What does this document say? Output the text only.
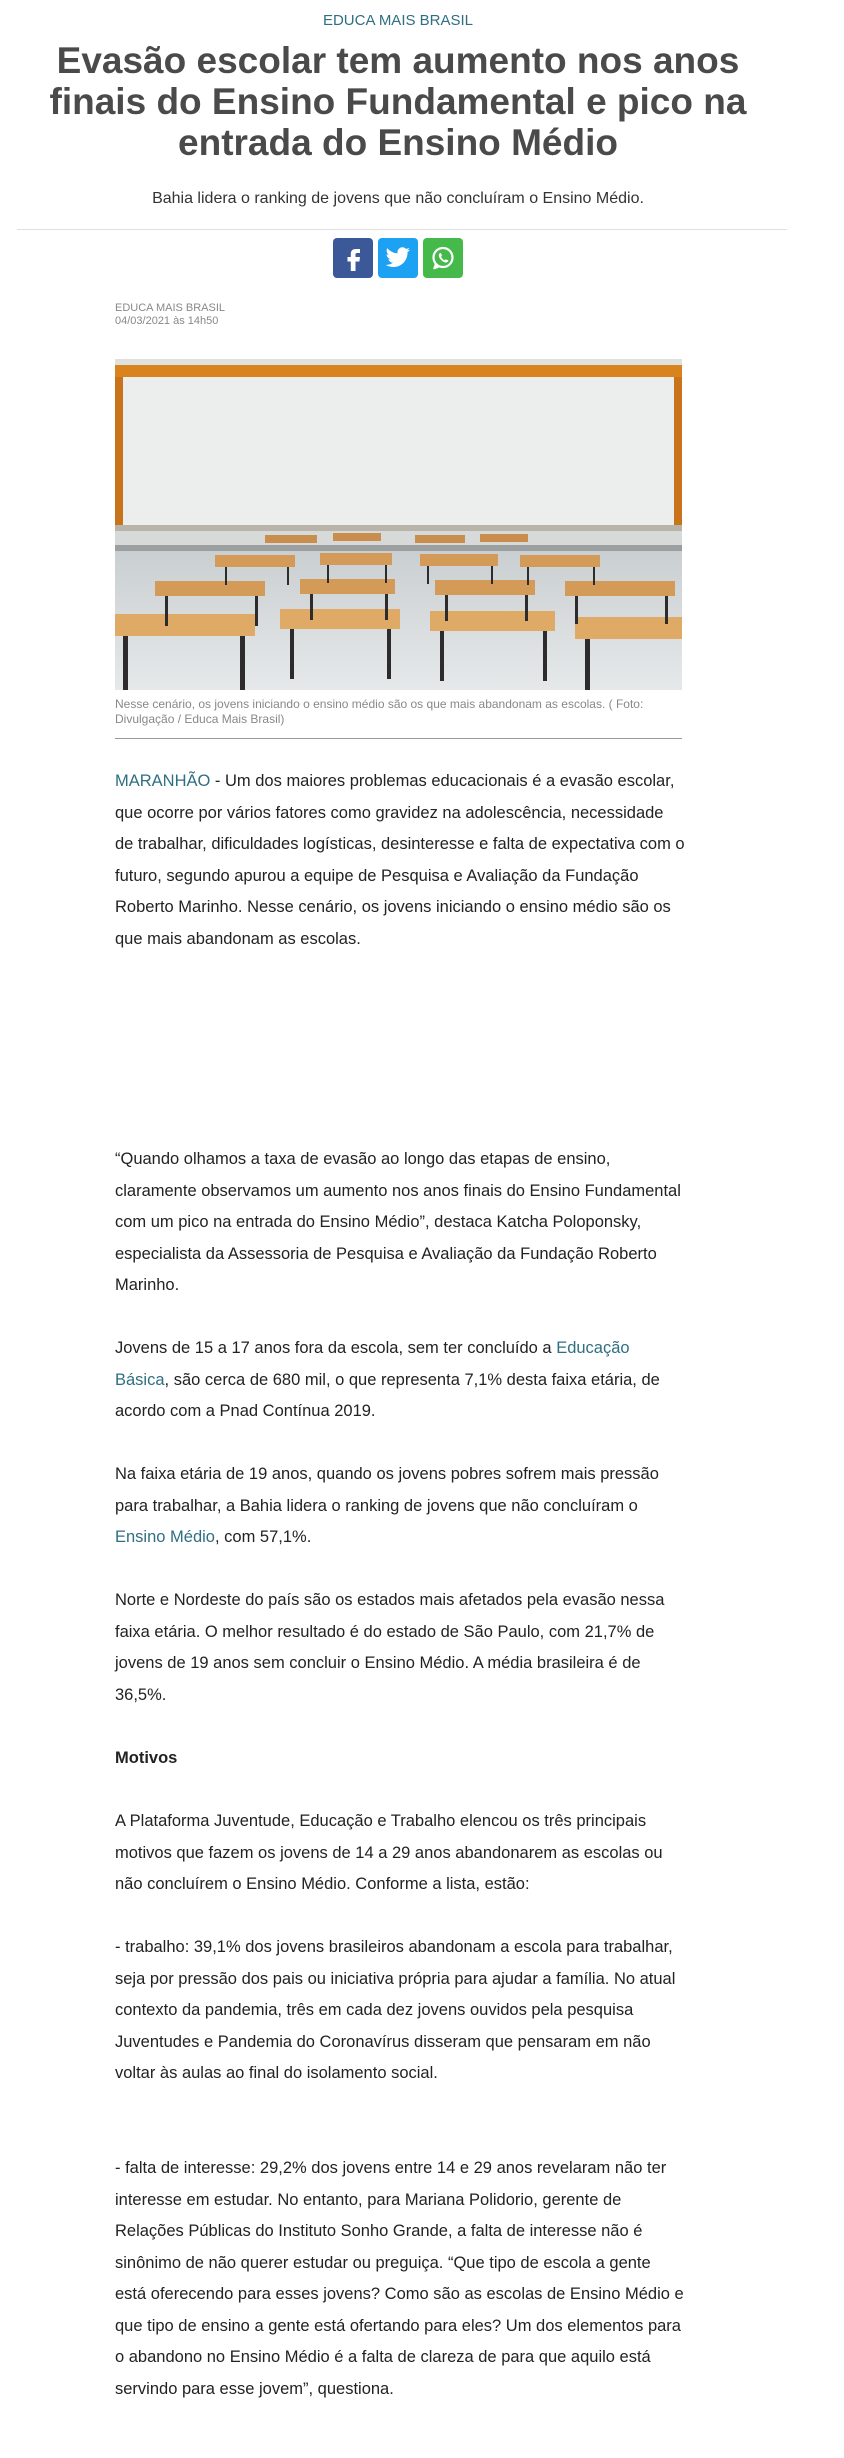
EDUCA MAIS BRASIL
Evasão escolar tem aumento nos anos finais do Ensino Fundamental e pico na entrada do Ensino Médio

Bahia lidera o ranking de jovens que não concluíram o Ensino Médio.

EDUCA MAIS BRASIL
04/03/2021 às 14h50

Nesse cenário, os jovens iniciando o ensino médio são os que mais abandonam as escolas. ( Foto: Divulgação / Educa Mais Brasil)

MARANHÃO - Um dos maiores problemas educacionais é a evasão escolar, que ocorre por vários fatores como gravidez na adolescência, necessidade de trabalhar, dificuldades logísticas, desinteresse e falta de expectativa com o futuro, segundo apurou a equipe de Pesquisa e Avaliação da Fundação Roberto Marinho. Nesse cenário, os jovens iniciando o ensino médio são os que mais abandonam as escolas.

“Quando olhamos a taxa de evasão ao longo das etapas de ensino, claramente observamos um aumento nos anos finais do Ensino Fundamental com um pico na entrada do Ensino Médio”, destaca Katcha Poloponsky, especialista da Assessoria de Pesquisa e Avaliação da Fundação Roberto Marinho.

Jovens de 15 a 17 anos fora da escola, sem ter concluído a Educação Básica, são cerca de 680 mil, o que representa 7,1% desta faixa etária, de acordo com a Pnad Contínua 2019.

Na faixa etária de 19 anos, quando os jovens pobres sofrem mais pressão para trabalhar, a Bahia lidera o ranking de jovens que não concluíram o Ensino Médio, com 57,1%.

Norte e Nordeste do país são os estados mais afetados pela evasão nessa faixa etária. O melhor resultado é do estado de São Paulo, com 21,7% de jovens de 19 anos sem concluir o Ensino Médio. A média brasileira é de 36,5%.

Motivos

A Plataforma Juventude, Educação e Trabalho elencou os três principais motivos que fazem os jovens de 14 a 29 anos abandonarem as escolas ou não concluírem o Ensino Médio. Conforme a lista, estão:

- trabalho: 39,1% dos jovens brasileiros abandonam a escola para trabalhar, seja por pressão dos pais ou iniciativa própria para ajudar a família. No atual contexto da pandemia, três em cada dez jovens ouvidos pela pesquisa Juventudes e Pandemia do Coronavírus disseram que pensaram em não voltar às aulas ao final do isolamento social.

- falta de interesse: 29,2% dos jovens entre 14 e 29 anos revelaram não ter interesse em estudar. No entanto, para Mariana Polidorio, gerente de Relações Públicas do Instituto Sonho Grande, a falta de interesse não é sinônimo de não querer estudar ou preguiça. “Que tipo de escola a gente está oferecendo para esses jovens? Como são as escolas de Ensino Médio e que tipo de ensino a gente está ofertando para eles? Um dos elementos para o abandono no Ensino Médio é a falta de clareza de para que aquilo está servindo para esse jovem”, questiona.
